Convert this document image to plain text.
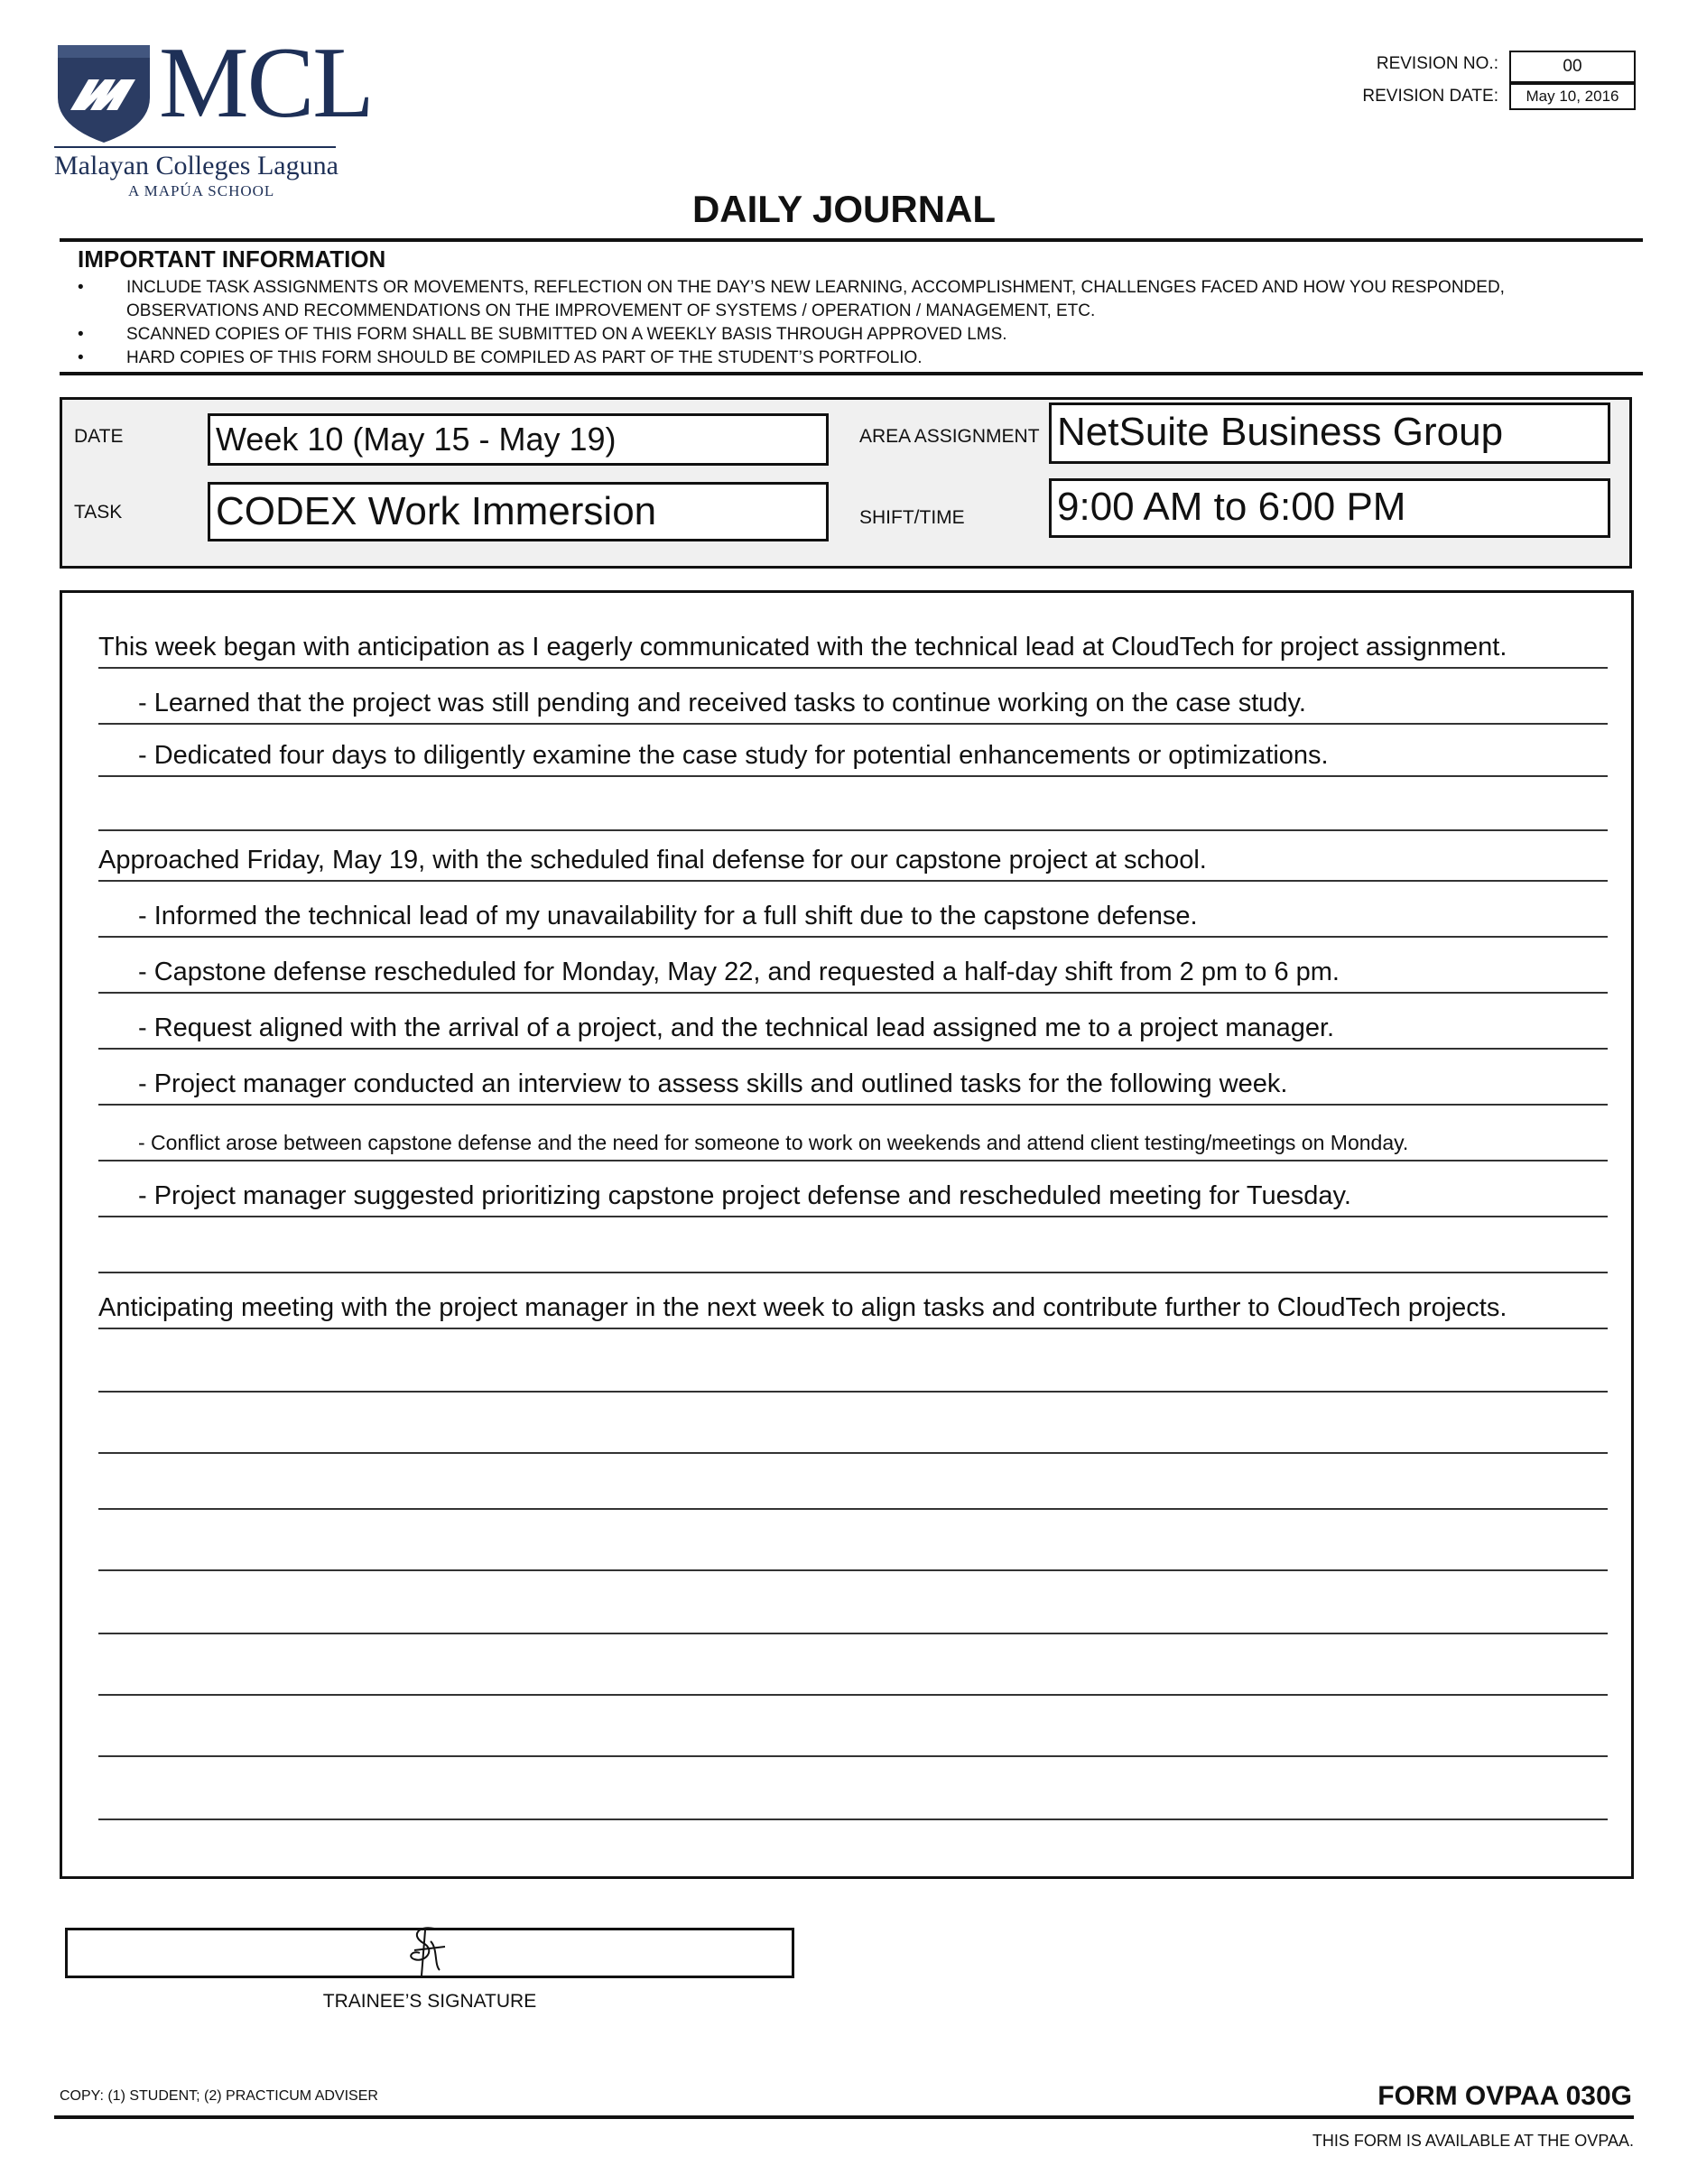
MCL
Malayan Colleges Laguna
A MAPÚA SCHOOL
REVISION NO.:	00
REVISION DATE:	May 10, 2016
DAILY JOURNAL
IMPORTANT INFORMATION
• INCLUDE TASK ASSIGNMENTS OR MOVEMENTS, REFLECTION ON THE DAY’S NEW LEARNING, ACCOMPLISHMENT, CHALLENGES FACED AND HOW YOU RESPONDED, OBSERVATIONS AND RECOMMENDATIONS ON THE IMPROVEMENT OF SYSTEMS / OPERATION / MANAGEMENT, ETC.
• SCANNED COPIES OF THIS FORM SHALL BE SUBMITTED ON A WEEKLY BASIS THROUGH APPROVED LMS.
• HARD COPIES OF THIS FORM SHOULD BE COMPILED AS PART OF THE STUDENT’S PORTFOLIO.
DATE	Week 10 (May 15 - May 19)
TASK CODEX Work Immersion
AREA ASSIGNMENT NetSuite Business Group
SHIFT/TIME 9:00 AM to 6:00 PM
This week began with anticipation as I eagerly communicated with the technical lead at CloudTech for project assignment.
- Learned that the project was still pending and received tasks to continue working on the case study.
- Dedicated four days to diligently examine the case study for potential enhancements or optimizations.
Approached Friday, May 19, with the scheduled final defense for our capstone project at school.
- Informed the technical lead of my unavailability for a full shift due to the capstone defense.
- Capstone defense rescheduled for Monday, May 22, and requested a half-day shift from 2 pm to 6 pm.
- Request aligned with the arrival of a project, and the technical lead assigned me to a project manager.
- Project manager conducted an interview to assess skills and outlined tasks for the following week.
- Conflict arose between capstone defense and the need for someone to work on weekends and attend client testing/meetings on Monday.
- Project manager suggested prioritizing capstone project defense and rescheduled meeting for Tuesday.
Anticipating meeting with the project manager in the next week to align tasks and contribute further to CloudTech projects.
TRAINEE’S SIGNATURE
COPY: (1) STUDENT; (2) PRACTICUM ADVISER	FORM OVPAA 030G
THIS FORM IS AVAILABLE AT THE OVPAA.
